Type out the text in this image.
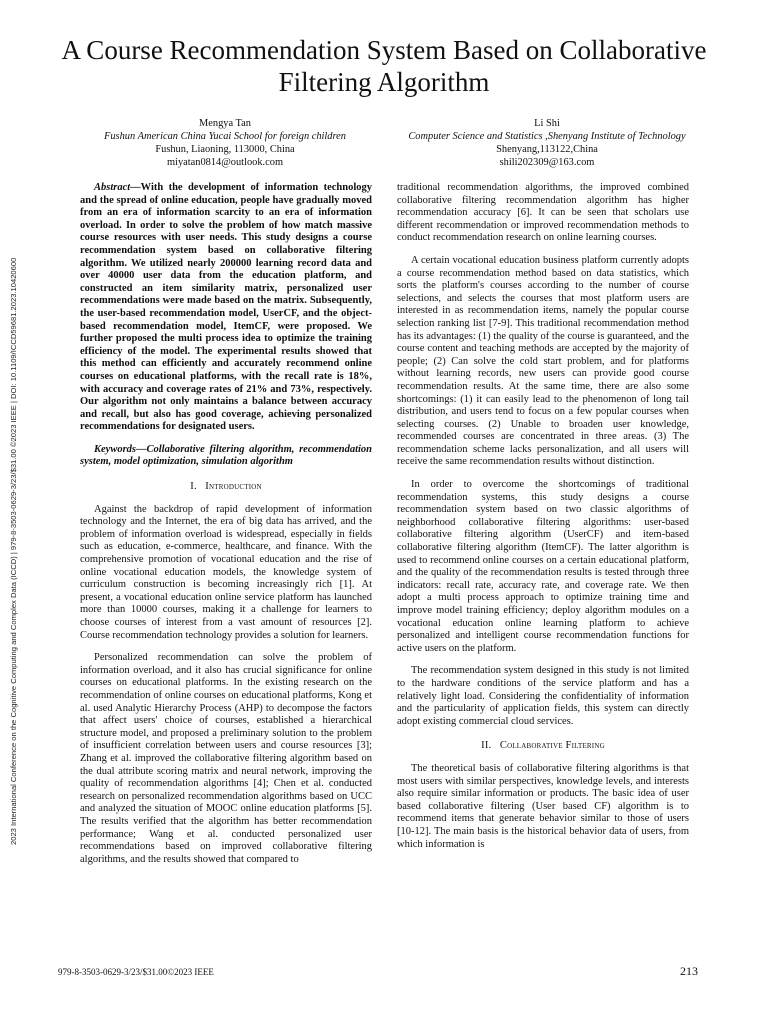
A Course Recommendation System Based on Collaborative Filtering Algorithm
Mengya Tan
Fushun American China Yucai School for foreign children
Fushun, Liaoning, 113000, China
miyatan0814@outlook.com
Li Shi
Computer Science and Statistics ,Shenyang Institute of Technology Shenyang,113122,China
shili202309@163.com
2023 International Conference on the Cognitive Computing and Complex Data (ICCD) | 979-8-3503-0629-3/23/$31.00 ©2023 IEEE | DOI: 10.1109/ICCD59681.2023.10420600

Abstract—With the development of information technology and the spread of online education, people have gradually moved from an era of information scarcity to an era of information overload. In order to solve the problem of how match massive course resources with user needs. This study designs a course recommendation system based on collaborative filtering algorithm. We utilized nearly 200000 learning record data and over 40000 user data from the education platform, and constructed an item similarity matrix, personalized user recommendations were made based on the matrix. Subsequently, the user-based recommendation model, UserCF, and the object-based recommendation model, ItemCF, were proposed. We further proposed the multi process idea to optimize the training efficiency of the model. The experimental results showed that this method can efficiently and accurately recommend online courses on educational platforms, with the recall rate is 18%, with accuracy and coverage rates of 21% and 73%, respectively. Our algorithm not only maintains a balance between accuracy and recall, but also has good coverage, achieving personalized recommendations for designated users.

Keywords—Collaborative filtering algorithm, recommendation system, model optimization, simulation algorithm

I. Introduction

Against the backdrop of rapid development of information technology and the Internet, the era of big data has arrived, and the problem of information overload is widespread, especially in fields such as education, e-commerce, healthcare, and finance. With the comprehensive promotion of vocational education and the rise of online vocational education models, the knowledge system of curriculum construction is becoming increasingly rich [1]. At present, a vocational education online service platform has launched more than 10000 courses, making it a challenge for learners to choose courses of interest from a vast amount of resources [2]. Course recommendation technology provides a solution for learners.

Personalized recommendation can solve the problem of information overload, and it also has crucial significance for online courses on educational platforms. In the existing research on the recommendation of online courses on educational platforms, Kong et al. used Analytic Hierarchy Process (AHP) to decompose the factors that affect users' choice of courses, established a hierarchical structure model, and proposed a preliminary solution to the problem of insufficient correlation between users and course resources [3]; Zhang et al. improved the collaborative filtering algorithm based on the dual attribute scoring matrix and neural network, improving the quality of recommendation algorithms [4]; Chen et al. conducted research on personalized recommendation algorithms based on UCC and analyzed the situation of MOOC online education platforms [5]. The results verified that the algorithm has better recommendation performance; Wang et al. conducted personalized user recommendations based on improved collaborative filtering algorithms, and the results showed that compared to

traditional recommendation algorithms, the improved combined collaborative filtering recommendation algorithm has higher recommendation accuracy [6]. It can be seen that scholars use different recommendation or improved recommendation methods to conduct recommendation research on online learning courses.

A certain vocational education business platform currently adopts a course recommendation method based on data statistics, which sorts the platform's courses according to the number of course selections, and selects the courses that most platform users are interested in as recommendation items, namely the popular course selection ranking list [7-9]. This traditional recommendation method has its advantages: (1) the quality of the course is guaranteed, and the course content and teaching methods are accepted by the majority of people; (2) Can solve the cold start problem, and for platforms without learning records, new users can provide good course recommendation results. At the same time, there are also some shortcomings: (1) it can easily lead to the phenomenon of long tail distribution, and users tend to focus on a few popular courses when selecting courses. (2) Unable to broaden user knowledge, recommended courses are concentrated in three areas. (3) The recommendation scheme lacks personalization, and all users will receive the same recommendation results without distinction.

In order to overcome the shortcomings of traditional recommendation systems, this study designs a course recommendation system based on two classic algorithms of neighborhood collaborative filtering algorithms: user-based collaborative filtering algorithm (UserCF) and item-based collaborative filtering algorithm (ItemCF). The latter algorithm is used to recommend online courses on a certain educational platform, and the quality of the recommendation results is tested through three indicators: recall rate, accuracy rate, and coverage rate. We then adopt a multi process approach to optimize training time and improve model training efficiency; deploy algorithm modules on a vocational education online learning platform to achieve personalized and intelligent course recommendation functions for active users on the platform.

The recommendation system designed in this study is not limited to the hardware conditions of the service platform and has a relatively light load. Considering the confidentiality of information and the particularity of application fields, this system can directly adopt existing commercial cloud services.

II. Collaborative Filtering

The theoretical basis of collaborative filtering algorithms is that most users with similar perspectives, knowledge levels, and interests also require similar information or products. The basic idea of user based collaborative filtering (User based CF) algorithm is to recommend items that generate behavior similar to those of users [10-12]. The main basis is the historical behavior data of users, from which information is

979-8-3503-0629-3/23/$31.00©2023 IEEE	213
